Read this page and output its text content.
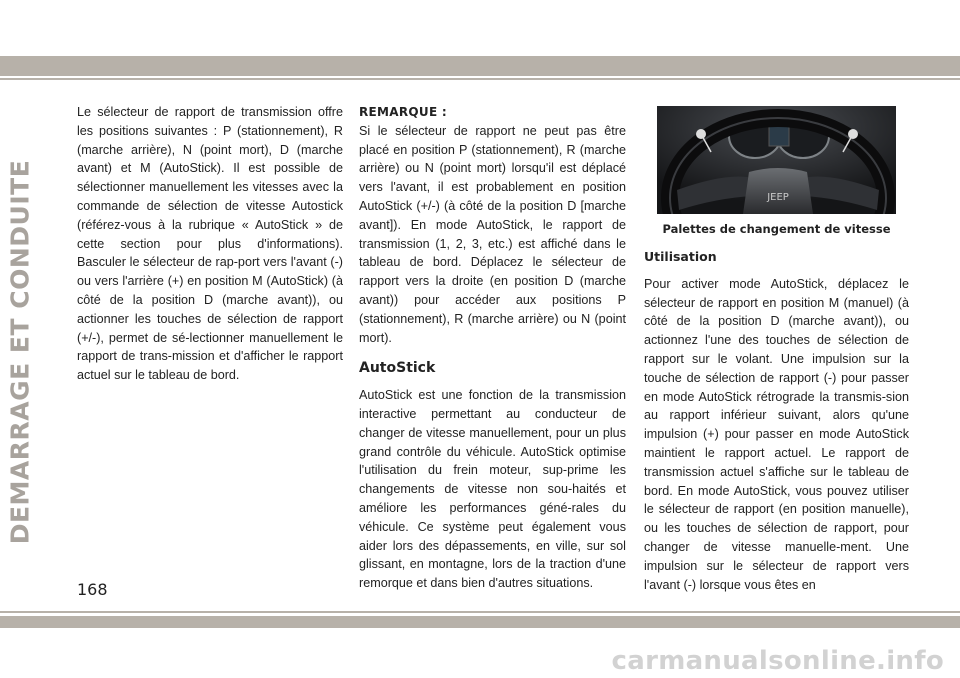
DEMARRAGE ET CONDUITE

Le sélecteur de rapport de transmission offre les positions suivantes : P (stationnement), R (marche arrière), N (point mort), D (marche avant) et M (AutoStick). Il est possible de sélectionner manuellement les vitesses avec la commande de sélection de vitesse Autostick (référez-vous à la rubrique « AutoStick » de cette section pour plus d'informations). Basculer le sélecteur de rap-port vers l'avant (-) ou vers l'arrière (+) en position M (AutoStick) (à côté de la position D (marche avant)), ou actionner les touches de sélection de rapport (+/-), permet de sé-lectionner manuellement le rapport de trans-mission et d'afficher le rapport actuel sur le tableau de bord.

REMARQUE :

Si le sélecteur de rapport ne peut pas être placé en position P (stationnement), R (marche arrière) ou N (point mort) lorsqu'il est déplacé vers l'avant, il est probablement en position AutoStick (+/-) (à côté de la position D [marche avant]). En mode AutoStick, le rapport de transmission (1, 2, 3, etc.) est affiché dans le tableau de bord. Déplacez le sélecteur de rapport vers la droite (en position D (marche avant)) pour accéder aux positions P (stationnement), R (marche arrière) ou N (point mort).

AutoStick

AutoStick est une fonction de la transmission interactive permettant au conducteur de changer de vitesse manuellement, pour un plus grand contrôle du véhicule. AutoStick optimise l'utilisation du frein moteur, sup-prime les changements de vitesse non sou-haités et améliore les performances géné-rales du véhicule. Ce système peut également vous aider lors des dépassements, en ville, sur sol glissant, en montagne, lors de la traction d'une remorque et dans bien d'autres situations.

JEEP
Palettes de changement de vitesse

Utilisation

Pour activer mode AutoStick, déplacez le sélecteur de rapport en position M (manuel) (à côté de la position D (marche avant)), ou actionnez l'une des touches de sélection de rapport sur le volant. Une impulsion sur la touche de sélection de rapport (-) pour passer en mode AutoStick rétrograde la transmis-sion au rapport inférieur suivant, alors qu'une impulsion (+) pour passer en mode AutoStick maintient le rapport actuel. Le rapport de transmission actuel s'affiche sur le tableau de bord. En mode AutoStick, vous pouvez utiliser le sélecteur de rapport (en position manuelle), ou les touches de sélection de rapport, pour changer de vitesse manuelle-ment. Une impulsion sur le sélecteur de rapport vers l'avant (-) lorsque vous êtes en

168
carmanualsonline.info
